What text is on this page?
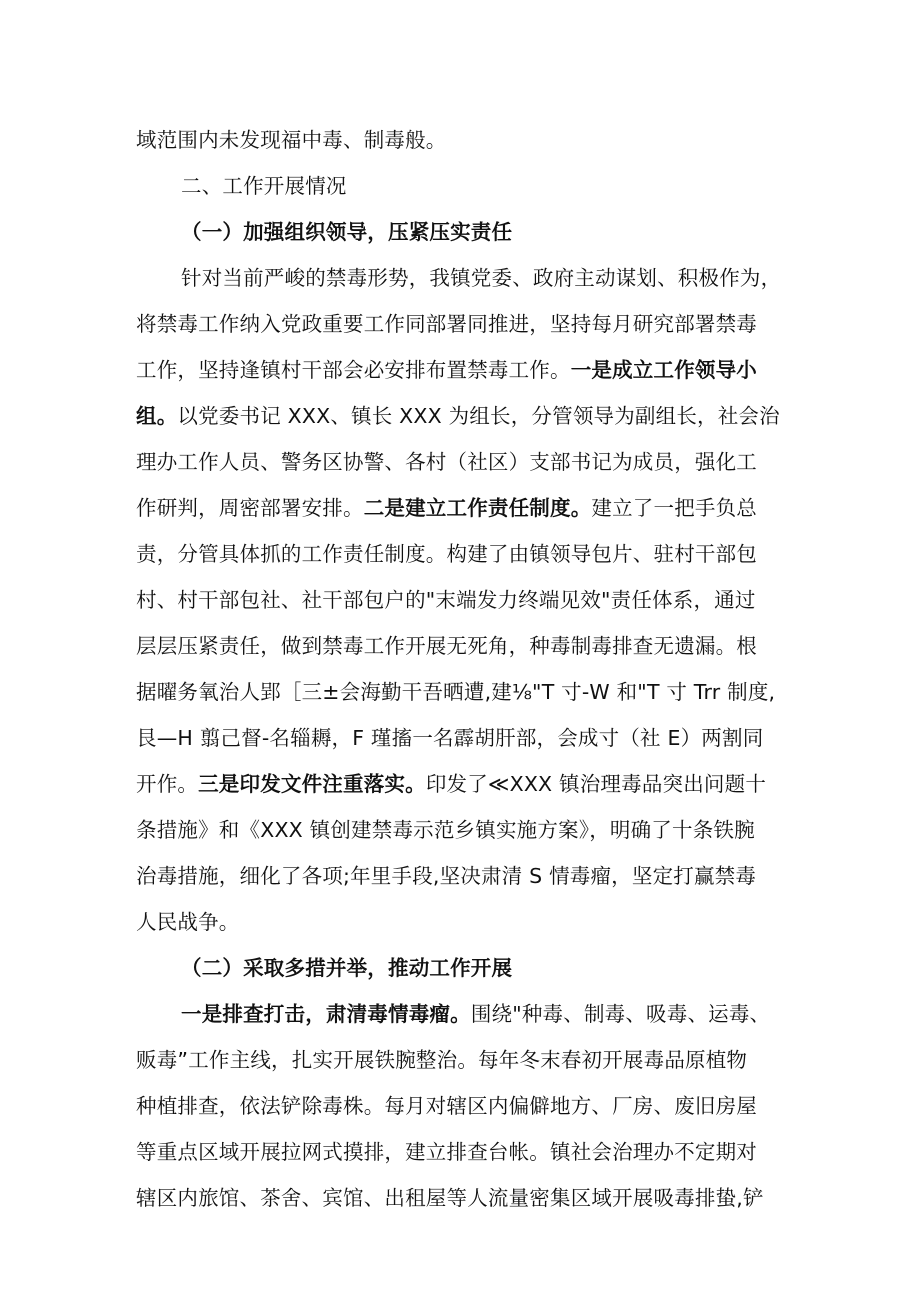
域范围内未发现福中毒、制毒般。
二、工作开展情况
（一）加强组织领导，压紧压实责任
针对当前严峻的禁毒形势，我镇党委、政府主动谋划、积极作为，
将禁毒工作纳入党政重要工作同部署同推进，坚持每月研究部署禁毒
工作，坚持逢镇村干部会必安排布置禁毒工作。一是成立工作领导小
组。以党委书记 XXX、镇长 XXX 为组长，分管领导为副组长，社会治
理办工作人员、警务区协警、各村（社区）支部书记为成员，强化工
作研判，周密部署安排。二是建立工作责任制度。建立了一把手负总
责，分管具体抓的工作责任制度。构建了由镇领导包片、驻村干部包
村、村干部包社、社干部包户的"末端发力终端见效"责任体系，通过
层层压紧责任，做到禁毒工作开展无死角，种毒制毒排查无遗漏。根
据曜务氧治人郢［三±会海勤干吾晒遭,建⅛"T 寸-W 和"T 寸 Trr 制度,
艮—H 翦己督-名辎耨，F 瑾搐一名霹胡肝部，会成寸（社 E）两割同
开作。三是印发文件注重落实。印发了≪XXX 镇治理毒品突出问题十
条措施》和《XXX 镇创建禁毒示范乡镇实施方案》，明确了十条铁腕
治毒措施，细化了各项;年里手段,坚决肃清 S 情毒瘤，坚定打赢禁毒
人民战争。
（二）采取多措并举，推动工作开展
一是排查打击，肃清毒情毒瘤。围绕"种毒、制毒、吸毒、运毒、
贩毒”工作主线，扎实开展铁腕整治。每年冬末春初开展毒品原植物
种植排查，依法铲除毒株。每月对辖区内偏僻地方、厂房、废旧房屋
等重点区域开展拉网式摸排，建立排查台帐。镇社会治理办不定期对
辖区内旅馆、茶舍、宾馆、出租屋等人流量密集区域开展吸毒排蛰,铲
